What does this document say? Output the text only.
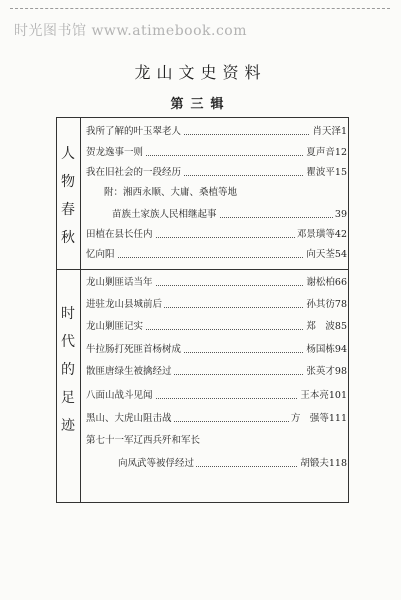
时光图书馆 www.atimebook.com
龙山文史资料
第三辑
人
物
春
秋
时
代
的
足
迹
我所了解的叶玉翠老人	肖天泽1
贺龙逸事一则	夏声音12
我在旧社会的一段经历	瞿波平15
附：湘西永顺、大庸、桑植等地
苗族土家族人民相继起事	39
田植在县长任内	邓景璜等42
忆向阳	向天荃54
龙山剿匪话当年	谢松柏66
进驻龙山县城前后	孙其彷78
龙山剿匪记实	郑　波85
牛拉肠打死匪首杨树成	杨国栋94
散匪唐绿生被擒经过	张英才98
八面山战斗见闻	王本亮101
黑山、大虎山阻击战	方　强等111
第七十一军辽西兵歼和军长
向凤武等被俘经过	胡锻夫118
